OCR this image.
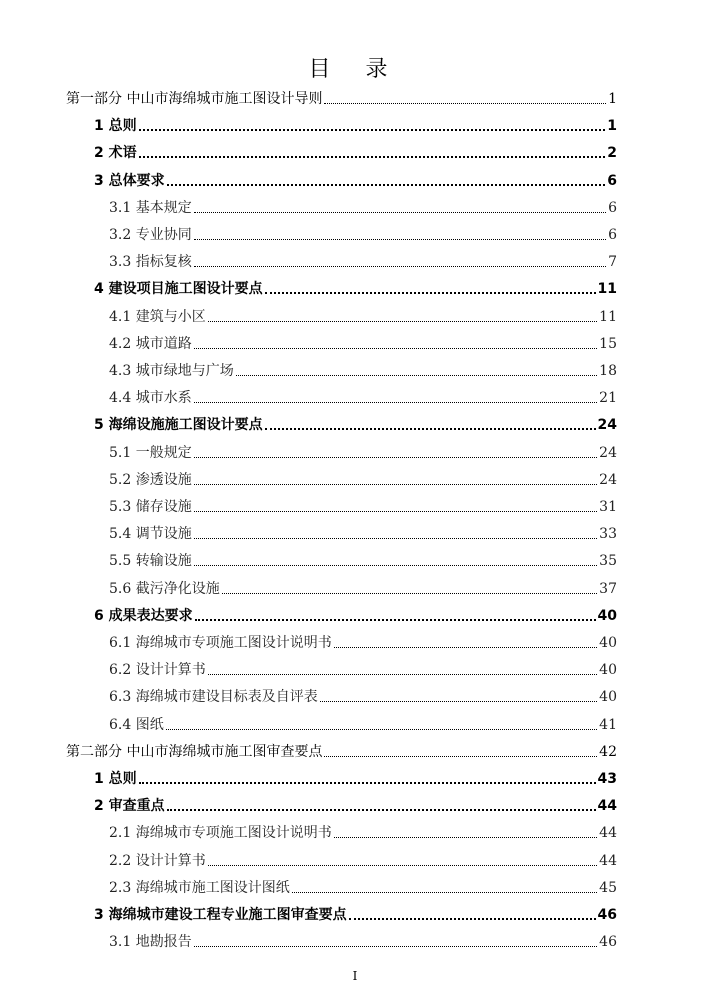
目 录
第一部分 中山市海绵城市施工图设计导则	1
1 总则	1
2 术语	2
3 总体要求	6
3.1 基本规定	6
3.2 专业协同	6
3.3 指标复核	7
4 建设项目施工图设计要点	11
4.1 建筑与小区	11
4.2 城市道路	15
4.3 城市绿地与广场	18
4.4 城市水系	21
5 海绵设施施工图设计要点	24
5.1 一般规定	24
5.2 渗透设施	24
5.3 储存设施	31
5.4 调节设施	33
5.5 转输设施	35
5.6 截污净化设施	37
6 成果表达要求	40
6.1 海绵城市专项施工图设计说明书	40
6.2 设计计算书	40
6.3 海绵城市建设目标表及自评表	40
6.4 图纸	41
第二部分 中山市海绵城市施工图审查要点	42
1 总则	43
2 审查重点	44
2.1 海绵城市专项施工图设计说明书	44
2.2 设计计算书	44
2.3 海绵城市施工图设计图纸	45
3 海绵城市建设工程专业施工图审查要点	46
3.1 地勘报告	46
I
